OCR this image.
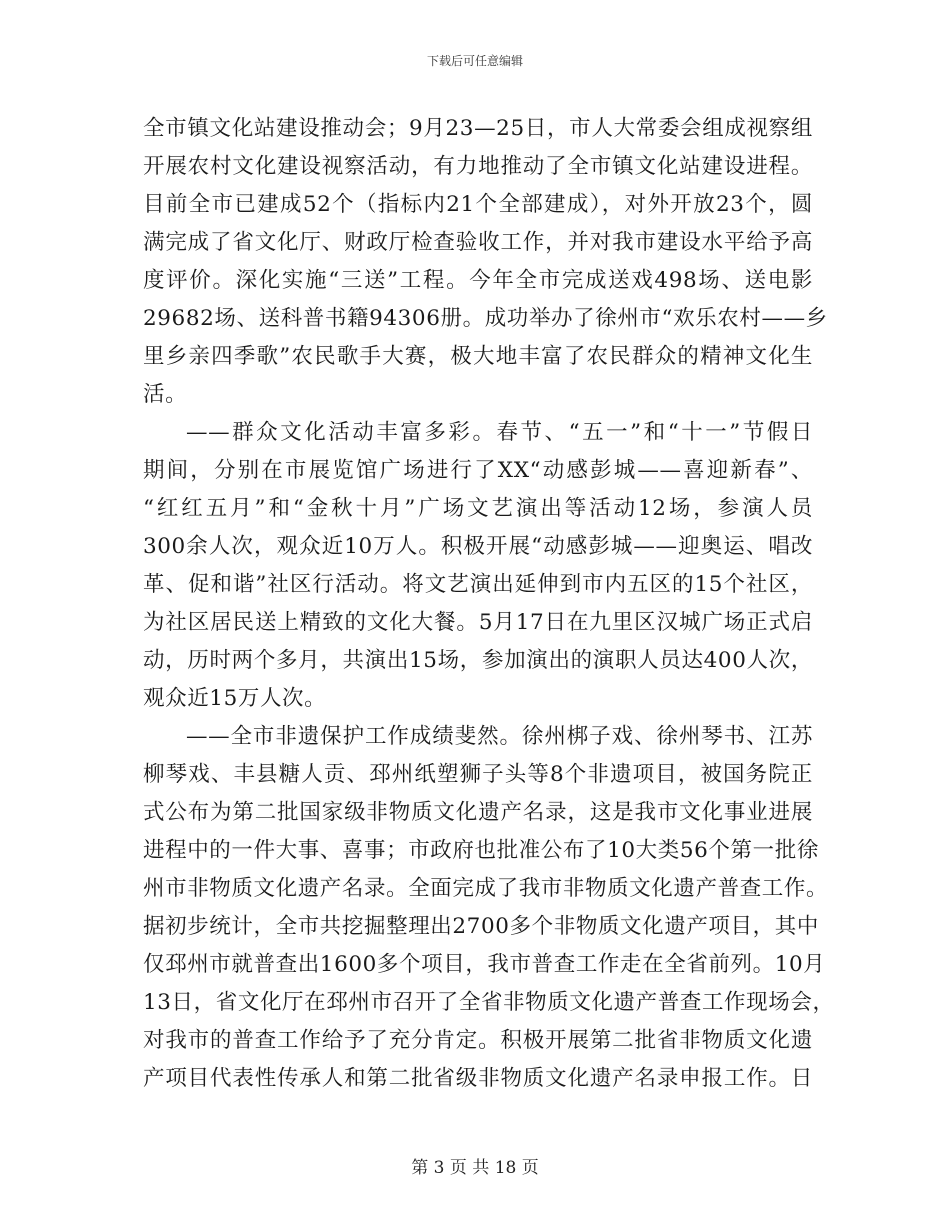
下载后可任意编辑
全市镇文化站建设推动会；9月23—25日，市人大常委会组成视察组
开展农村文化建设视察活动，有力地推动了全市镇文化站建设进程。
目前全市已建成52个（指标内21个全部建成），对外开放23个，圆
满完成了省文化厅、财政厅检查验收工作，并对我市建设水平给予高
度评价。深化实施“三送”工程。今年全市完成送戏498场、送电影
29682场、送科普书籍94306册。成功举办了徐州市“欢乐农村——乡
里乡亲四季歌”农民歌手大赛，极大地丰富了农民群众的精神文化生
活。
——群众文化活动丰富多彩。春节、“五一”和“十一”节假日
期间，分别在市展览馆广场进行了XX“动感彭城——喜迎新春”、
“红红五月”和“金秋十月”广场文艺演出等活动12场，参演人员
300余人次，观众近10万人。积极开展“动感彭城——迎奥运、唱改
革、促和谐”社区行活动。将文艺演出延伸到市内五区的15个社区，
为社区居民送上精致的文化大餐。5月17日在九里区汉城广场正式启
动，历时两个多月，共演出15场，参加演出的演职人员达400人次，
观众近15万人次。
——全市非遗保护工作成绩斐然。徐州梆子戏、徐州琴书、江苏
柳琴戏、丰县糖人贡、邳州纸塑狮子头等8个非遗项目，被国务院正
式公布为第二批国家级非物质文化遗产名录，这是我市文化事业进展
进程中的一件大事、喜事；市政府也批准公布了10大类56个第一批徐
州市非物质文化遗产名录。全面完成了我市非物质文化遗产普查工作。
据初步统计，全市共挖掘整理出2700多个非物质文化遗产项目，其中
仅邳州市就普查出1600多个项目，我市普查工作走在全省前列。10月
13日，省文化厅在邳州市召开了全省非物质文化遗产普查工作现场会，
对我市的普查工作给予了充分肯定。积极开展第二批省非物质文化遗
产项目代表性传承人和第二批省级非物质文化遗产名录申报工作。日
第 3 页 共 18 页
